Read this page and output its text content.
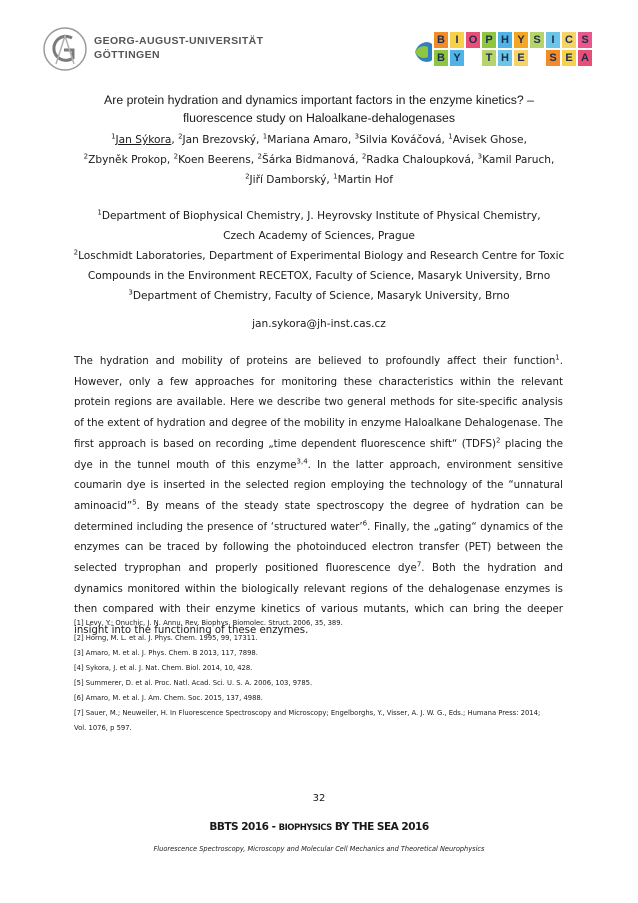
GEORG-AUGUST-UNIVERSITÄT
GÖTTINGEN
B I O P H Y S I C S
B Y	T H E	S E A
Are protein hydration and dynamics important factors in the enzyme kinetics? –
fluorescence study on Haloalkane-dehalogenases
$^1$Jan Sýkora, $^2$Jan Brezovský, $^1$Mariana Amaro, $^3$Silvia Kováčová, $^1$Avisek Ghose,
$^2$Zbyněk Prokop, $^2$Koen Beerens, $^2$Šárka Bidmanová, $^2$Radka Chaloupková, $^3$Kamil Paruch,
$^2$Jiří Damborský, $^1$Martin Hof
$^1$Department of Biophysical Chemistry, J. Heyrovsky Institute of Physical Chemistry,
Czech Academy of Sciences, Prague
$^2$Loschmidt Laboratories, Department of Experimental Biology and Research Centre for Toxic
Compounds in the Environment RECETOX, Faculty of Science, Masaryk University, Brno
$^3$Department of Chemistry, Faculty of Science, Masaryk University, Brno
jan.sykora@jh-inst.cas.cz
The hydration and mobility of proteins are believed to profoundly affect their function$^1$. However, only a few approaches for monitoring these characteristics within the relevant protein regions are available. Here we describe two general methods for site-specific analysis of the extent of hydration and degree of the mobility in enzyme Haloalkane Dehalogenase. The first approach is based on recording „time dependent fluorescence shift“ (TDFS)$^2$ placing the dye in the tunnel mouth of this enzyme$^{3,4}$. In the latter approach, environment sensitive coumarin dye is inserted in the selected region employing the technology of the “unnatural aminoacid”$^5$. By means of the steady state spectroscopy the degree of hydration can be determined including the presence of ‘structured water’$^6$. Finally, the „gating“ dynamics of the enzymes can be traced by following the photoinduced electron transfer (PET) between the selected tryprophan and properly positioned fluorescence dye$^7$. Both the hydration and dynamics monitored within the biologically relevant regions of the dehalogenase enzymes is then compared with their enzyme kinetics of various mutants, which can bring the deeper insight into the functioning of these enzymes.
[1] Levy, Y.; Onuchic, J. N. Annu. Rev. Biophys. Biomolec. Struct. 2006, 35, 389.
[2] Horng, M. L. et al. J. Phys. Chem. 1995, 99, 17311.
[3] Amaro, M. et al. J. Phys. Chem. B 2013, 117, 7898.
[4] Sykora, J. et al. J. Nat. Chem. Biol. 2014, 10, 428.
[5] Summerer, D. et al. Proc. Natl. Acad. Sci. U. S. A. 2006, 103, 9785.
[6] Amaro, M. et al. J. Am. Chem. Soc. 2015, 137, 4988.
[7] Sauer, M.; Neuweiler, H. In Fluorescence Spectroscopy and Microscopy; Engelborghs, Y., Visser, A. J. W. G., Eds.; Humana Press: 2014;
Vol. 1076, p 597.
32
BBTS 2016 - BIOPHYSICS BY THE SEA 2016
Fluorescence Spectroscopy, Microscopy and Molecular Cell Mechanics and Theoretical Neurophysics
